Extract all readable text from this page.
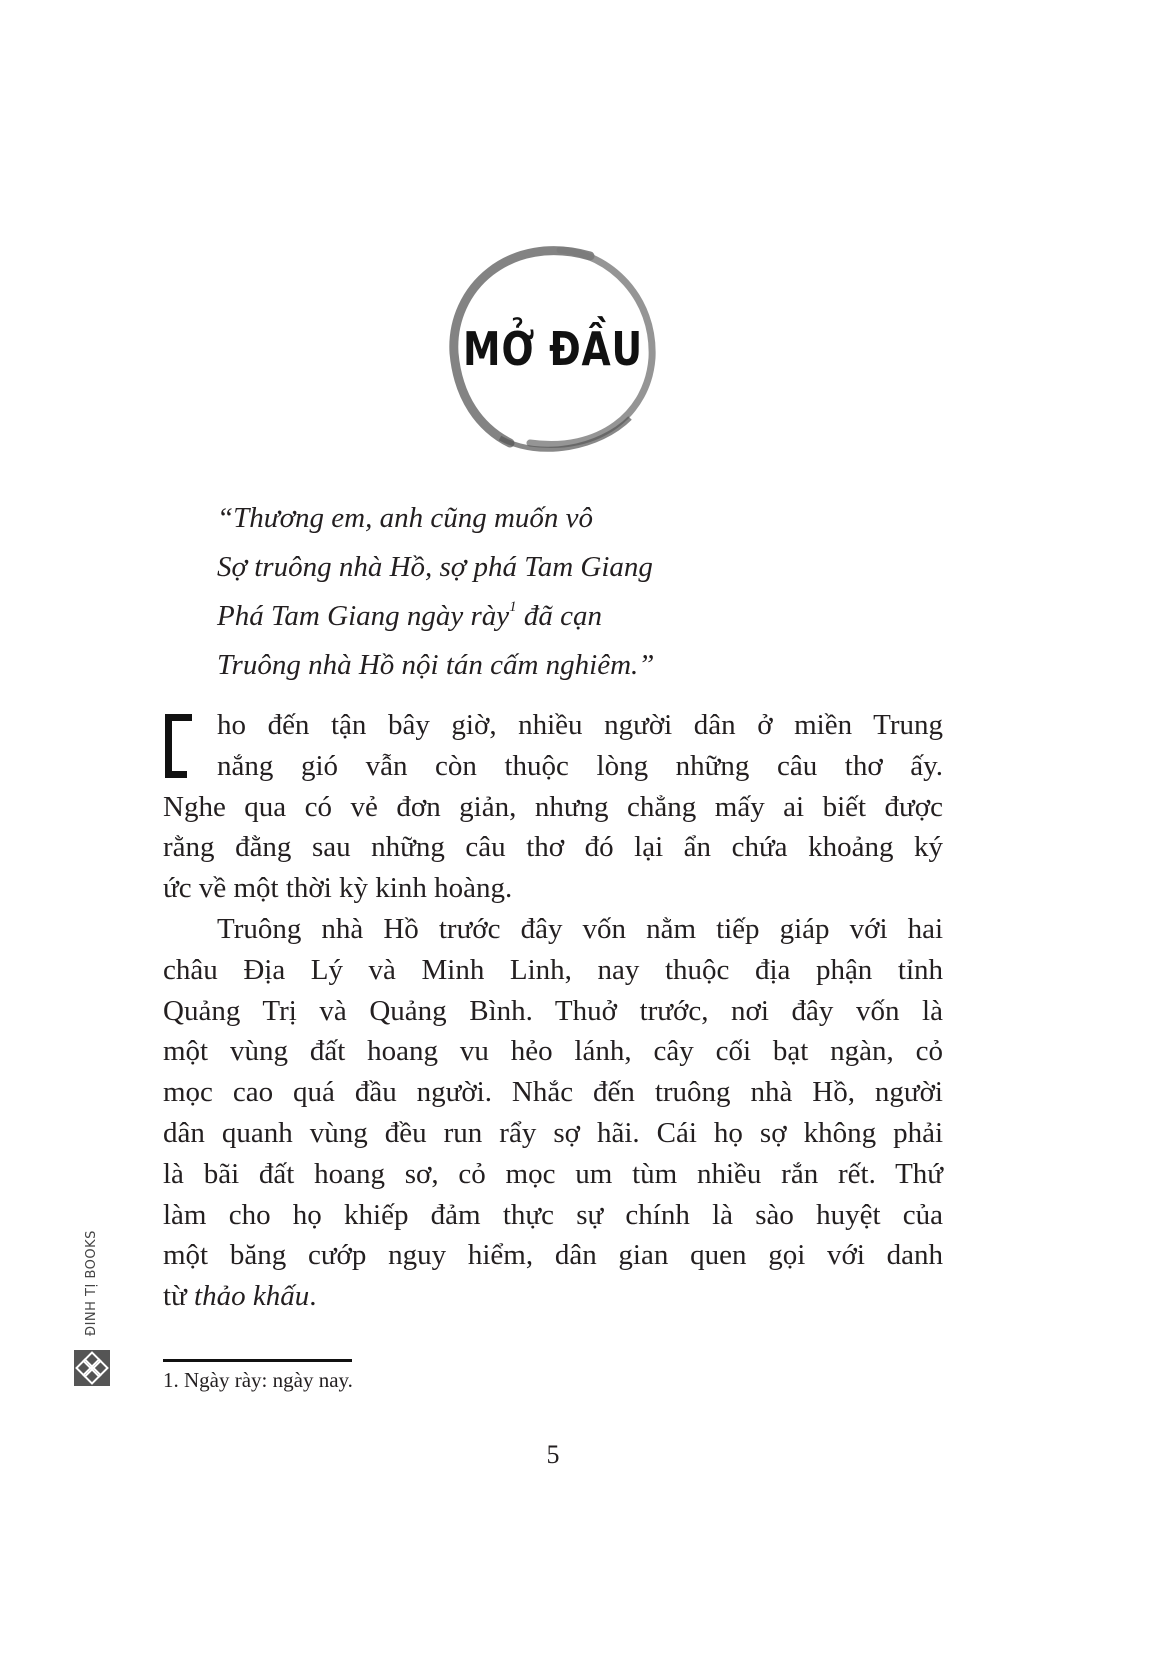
MỞ ĐẦU
“Thương em, anh cũng muốn vô
Sợ truông nhà Hồ, sợ phá Tam Giang
Phá Tam Giang ngày rày$^1$ đã cạn
Truông nhà Hồ nội tán cấm nghiêm.”
ho đến tận bây giờ, nhiều người dân ở miền Trung
nắng gió vẫn còn thuộc lòng những câu thơ ấy.
Nghe qua có vẻ đơn giản, nhưng chẳng mấy ai biết được
rằng đằng sau những câu thơ đó lại ẩn chứa khoảng ký
ức về một thời kỳ kinh hoàng.
Truông nhà Hồ trước đây vốn nằm tiếp giáp với hai
châu Địa Lý và Minh Linh, nay thuộc địa phận tỉnh
Quảng Trị và Quảng Bình. Thuở trước, nơi đây vốn là
một vùng đất hoang vu hẻo lánh, cây cối bạt ngàn, cỏ
mọc cao quá đầu người. Nhắc đến truông nhà Hồ, người
dân quanh vùng đều run rẩy sợ hãi. Cái họ sợ không phải
là bãi đất hoang sơ, cỏ mọc um tùm nhiều rắn rết. Thứ
làm cho họ khiếp đảm thực sự chính là sào huyệt của
một băng cướp nguy hiểm, dân gian quen gọi với danh
từ thảo khấu.
1. Ngày rày: ngày nay.
5
ĐINH TỊ BOOKS
